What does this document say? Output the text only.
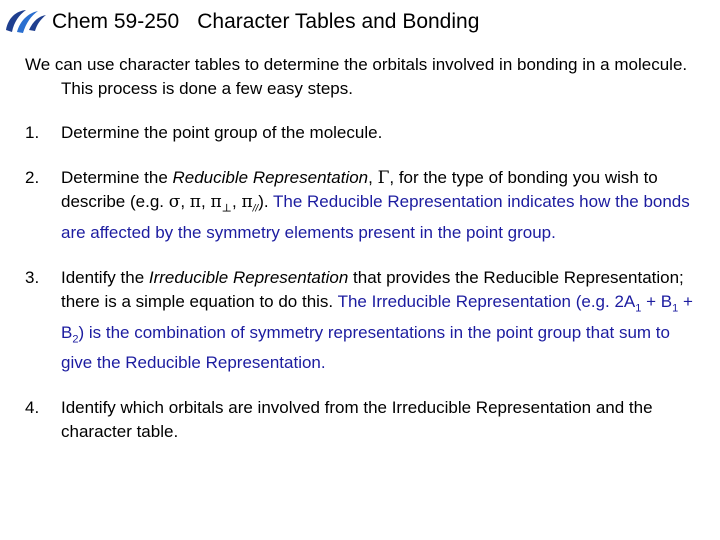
Chem 59-250 Character Tables and Bonding

We can use character tables to determine the orbitals involved in bonding in a molecule. This process is done a few easy steps.

1. Determine the point group of the molecule.
2. Determine the Reducible Representation, Γ, for the type of bonding you wish to describe (e.g. σ, π, $\pi_\perp$, $\pi_{//}$). The Reducible Representation indicates how the bonds are affected by the symmetry elements present in the point group.
3. Identify the Irreducible Representation that provides the Reducible Representation; there is a simple equation to do this. The Irreducible Representation (e.g. $2A_1 + B_1 + B_2$) is the combination of symmetry representations in the point group that sum to give the Reducible Representation.
4. Identify which orbitals are involved from the Irreducible Representation and the character table.
